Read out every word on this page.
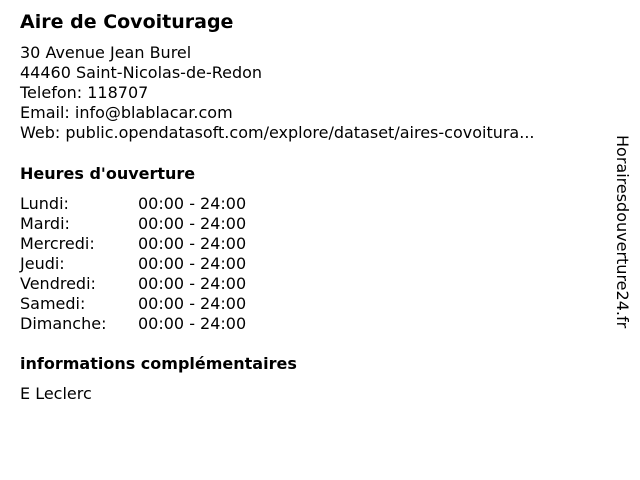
Aire de Covoiturage
30 Avenue Jean Burel
44460 Saint-Nicolas-de-Redon
Telefon: 118707
Email: info@blablacar.com
Web: public.opendatasoft.com/explore/dataset/aires-covoitura...
Heures d'ouverture
Lundi:	00:00 - 24:00
Mardi:	00:00 - 24:00
Mercredi:	00:00 - 24:00
Jeudi:	00:00 - 24:00
Vendredi:	00:00 - 24:00
Samedi:	00:00 - 24:00
Dimanche:	00:00 - 24:00
informations complémentaires
E Leclerc
Horairesdouverture24.fr
